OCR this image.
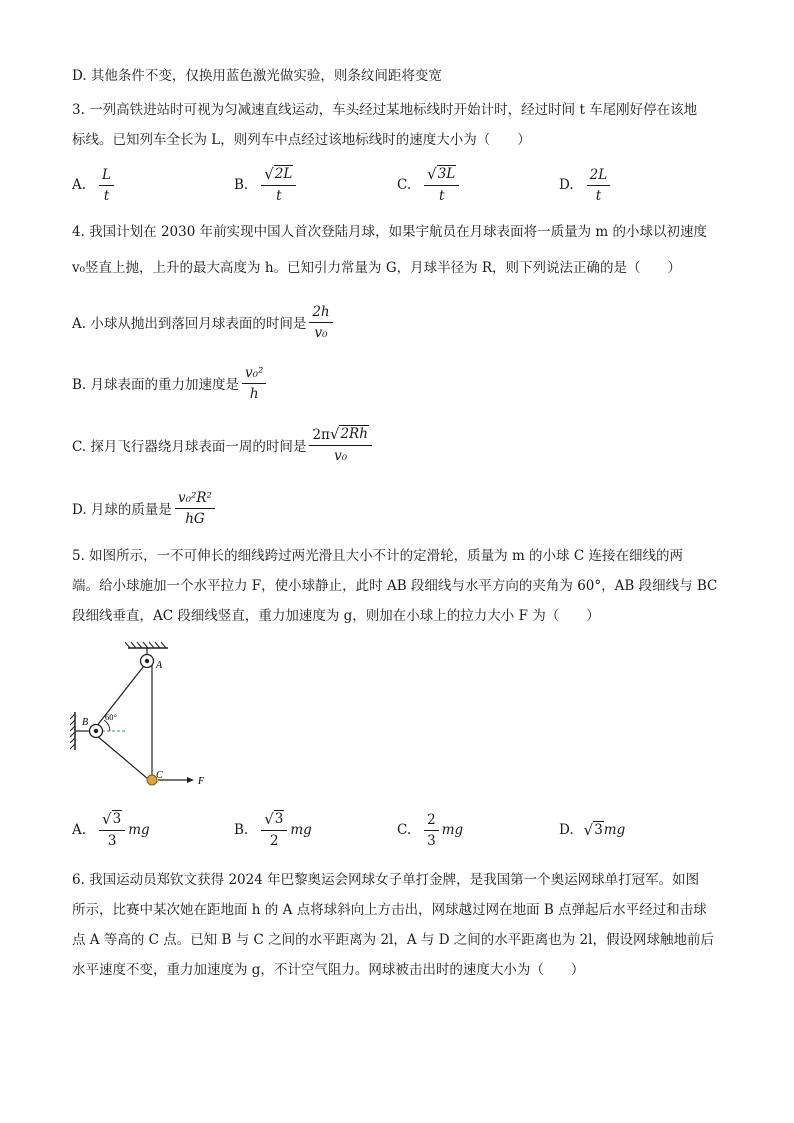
D. 其他条件不变，仅换用蓝色激光做实验，则条纹间距将变宽
3. 一列高铁进站时可视为匀减速直线运动，车头经过某地标线时开始计时，经过时间 t 车尾刚好停在该地
标线。已知列车全长为 L，则列车中点经过该地标线时的速度大小为（　　）
A. $\frac{L}{t}$	B. $\frac{√ 2L}{t}$	C. $\frac{√ 3L}{t}$	D. $\frac{2L}{t}$
4. 我国计划在 2030 年前实现中国人首次登陆月球，如果宇航员在月球表面将一质量为 m 的小球以初速度
v₀竖直上抛，上升的最大高度为 h。已知引力常量为 G，月球半径为 R，则下列说法正确的是（　　）
A. 小球从抛出到落回月球表面的时间是 $\frac{2h}{\text{v₀}}$
B. 月球表面的重力加速度是 $\frac{\text{v₀²}}{h}$
C. 探月飞行器绕月球表面一周的时间是 $\frac{2\pi √ 2Rh}{\text{v₀}}$
D. 月球的质量是 $\frac{\text{v₀²R²}}{hG}$
5. 如图所示，一不可伸长的细线跨过两光滑且大小不计的定滑轮，质量为 m 的小球 C 连接在细线的两
端。给小球施加一个水平拉力 F，使小球静止，此时 AB 段细线与水平方向的夹角为 60°，AB 段细线与 BC
段细线垂直，AC 段细线竖直，重力加速度为 g，则加在小球上的拉力大小 F 为（　　）
A
B
C
F
60°
A. $\frac{√ 3}{3}$ mg	B. $\frac{√ 3}{2}$ mg	C. $\frac{2}{3}$ mg	D. √ 3 mg
6. 我国运动员郑钦文获得 2024 年巴黎奥运会网球女子单打金牌，是我国第一个奥运网球单打冠军。如图
所示，比赛中某次她在距地面 h 的 A 点将球斜向上方击出，网球越过网在地面 B 点弹起后水平经过和击球
点 A 等高的 C 点。已知 B 与 C 之间的水平距离为 2l，A 与 D 之间的水平距离也为 2l，假设网球触地前后
水平速度不变，重力加速度为 g，不计空气阻力。网球被击出时的速度大小为（　　）
